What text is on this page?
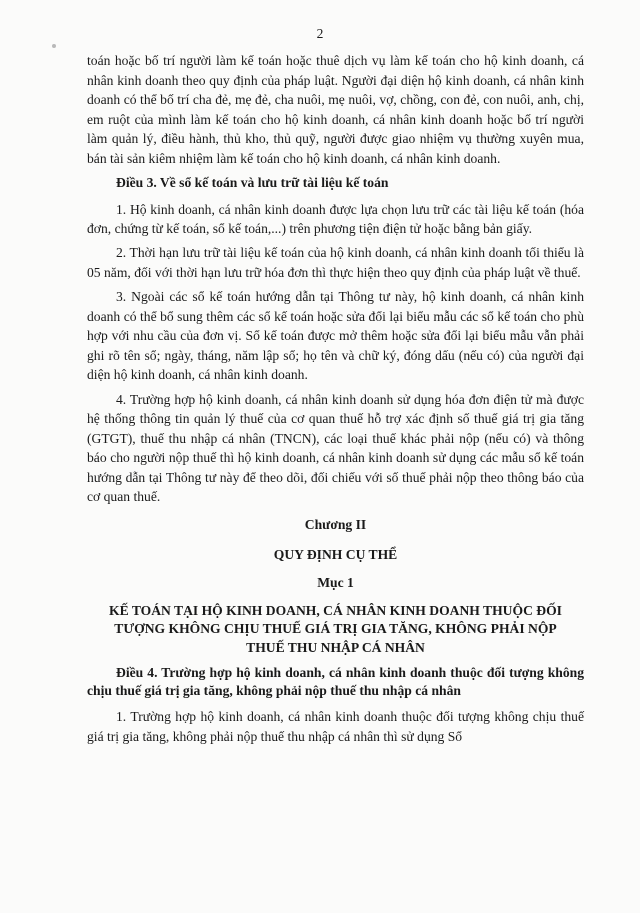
2

toán hoặc bố trí người làm kế toán hoặc thuê dịch vụ làm kế toán cho hộ kinh doanh, cá nhân kinh doanh theo quy định của pháp luật. Người đại diện hộ kinh doanh, cá nhân kinh doanh có thể bố trí cha đẻ, mẹ đẻ, cha nuôi, mẹ nuôi, vợ, chồng, con đẻ, con nuôi, anh, chị, em ruột của mình làm kế toán cho hộ kinh doanh, cá nhân kinh doanh hoặc bố trí người làm quản lý, điều hành, thủ kho, thủ quỹ, người được giao nhiệm vụ thường xuyên mua, bán tài sản kiêm nhiệm làm kế toán cho hộ kinh doanh, cá nhân kinh doanh.

Điều 3. Về sổ kế toán và lưu trữ tài liệu kế toán

1. Hộ kinh doanh, cá nhân kinh doanh được lựa chọn lưu trữ các tài liệu kế toán (hóa đơn, chứng từ kế toán, sổ kế toán,...) trên phương tiện điện tử hoặc bằng bản giấy.

2. Thời hạn lưu trữ tài liệu kế toán của hộ kinh doanh, cá nhân kinh doanh tối thiểu là 05 năm, đối với thời hạn lưu trữ hóa đơn thì thực hiện theo quy định của pháp luật về thuế.

3. Ngoài các sổ kế toán hướng dẫn tại Thông tư này, hộ kinh doanh, cá nhân kinh doanh có thể bổ sung thêm các sổ kế toán hoặc sửa đổi lại biểu mẫu các sổ kế toán cho phù hợp với nhu cầu của đơn vị. Sổ kế toán được mở thêm hoặc sửa đổi lại biểu mẫu vẫn phải ghi rõ tên sổ; ngày, tháng, năm lập sổ; họ tên và chữ ký, đóng dấu (nếu có) của người đại diện hộ kinh doanh, cá nhân kinh doanh.

4. Trường hợp hộ kinh doanh, cá nhân kinh doanh sử dụng hóa đơn điện tử mà được hệ thống thông tin quản lý thuế của cơ quan thuế hỗ trợ xác định số thuế giá trị gia tăng (GTGT), thuế thu nhập cá nhân (TNCN), các loại thuế khác phải nộp (nếu có) và thông báo cho người nộp thuế thì hộ kinh doanh, cá nhân kinh doanh sử dụng các mẫu sổ kế toán hướng dẫn tại Thông tư này để theo dõi, đối chiếu với số thuế phải nộp theo thông báo của cơ quan thuế.

Chương II

QUY ĐỊNH CỤ THỂ

Mục 1

KẾ TOÁN TẠI HỘ KINH DOANH, CÁ NHÂN KINH DOANH THUỘC ĐỐI TƯỢNG KHÔNG CHỊU THUẾ GIÁ TRỊ GIA TĂNG, KHÔNG PHẢI NỘP THUẾ THU NHẬP CÁ NHÂN

Điều 4. Trường hợp hộ kinh doanh, cá nhân kinh doanh thuộc đối tượng không chịu thuế giá trị gia tăng, không phải nộp thuế thu nhập cá nhân

1. Trường hợp hộ kinh doanh, cá nhân kinh doanh thuộc đối tượng không chịu thuế giá trị gia tăng, không phải nộp thuế thu nhập cá nhân thì sử dụng Sổ
